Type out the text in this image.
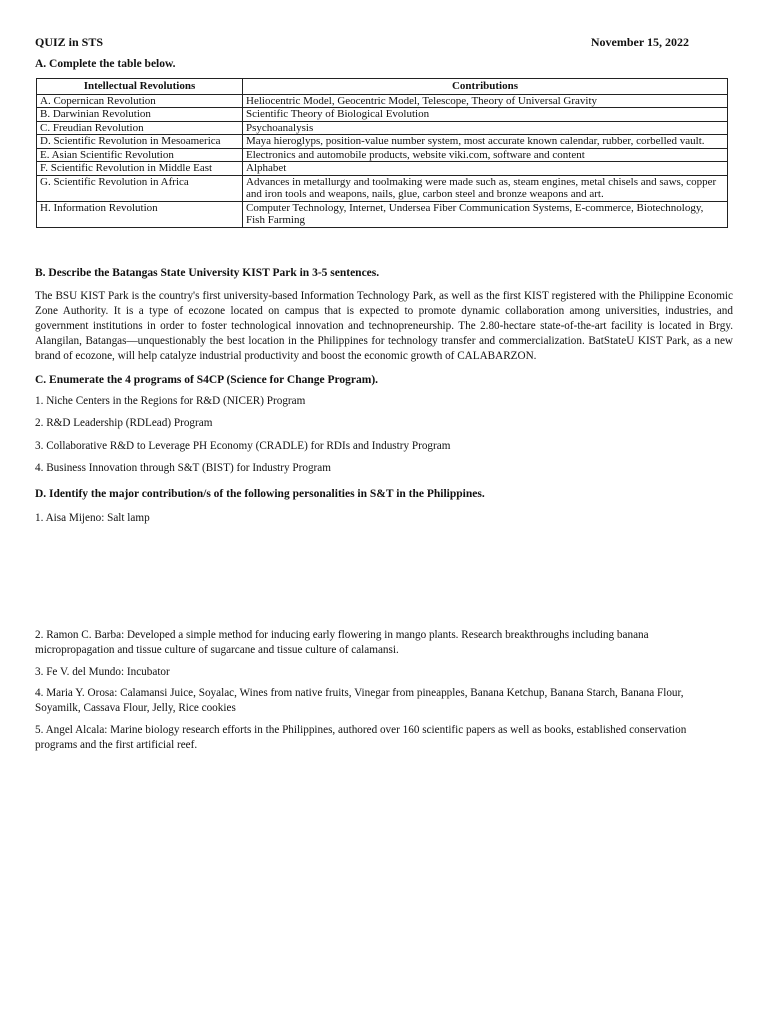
QUIZ in STS	November 15, 2022
A. Complete the table below.
Intellectual Revolutions	Contributions
A. Copernican Revolution	Heliocentric Model, Geocentric Model, Telescope, Theory of Universal Gravity
B. Darwinian Revolution	Scientific Theory of Biological Evolution
C. Freudian Revolution	Psychoanalysis
D. Scientific Revolution in Mesoamerica	Maya hieroglyps, position-value number system, most accurate known calendar, rubber, corbelled vault.
E. Asian Scientific Revolution	Electronics and automobile products, website viki.com, software and content
F. Scientific Revolution in Middle East	Alphabet
G. Scientific Revolution in Africa	Advances in metallurgy and toolmaking were made such as, steam engines, metal chisels and saws, copper and iron tools and weapons, nails, glue, carbon steel and bronze weapons and art.
H. Information Revolution	Computer Technology, Internet, Undersea Fiber Communication Systems, E-commerce, Biotechnology, Fish Farming
B. Describe the Batangas State University KIST Park in 3-5 sentences.
The BSU KIST Park is the country's first university-based Information Technology Park, as well as the first KIST registered with the Philippine Economic Zone Authority. It is a type of ecozone located on campus that is expected to promote dynamic collaboration among universities, industries, and government institutions in order to foster technological innovation and technopreneurship. The 2.80-hectare state-of-the-art facility is located in Brgy. Alangilan, Batangas—unquestionably the best location in the Philippines for technology transfer and commercialization. BatStateU KIST Park, as a new brand of ecozone, will help catalyze industrial productivity and boost the economic growth of CALABARZON.
C. Enumerate the 4 programs of S4CP (Science for Change Program).
1. Niche Centers in the Regions for R&D (NICER) Program
2. R&D Leadership (RDLead) Program
3. Collaborative R&D to Leverage PH Economy (CRADLE) for RDIs and Industry Program
4. Business Innovation through S&T (BIST) for Industry Program
D. Identify the major contribution/s of the following personalities in S&T in the Philippines.
1. Aisa Mijeno: Salt lamp
2. Ramon C. Barba: Developed a simple method for inducing early flowering in mango plants. Research breakthroughs including banana micropropagation and tissue culture of sugarcane and tissue culture of calamansi.
3. Fe V. del Mundo: Incubator
4. Maria Y. Orosa: Calamansi Juice, Soyalac, Wines from native fruits, Vinegar from pineapples, Banana Ketchup, Banana Starch, Banana Flour, Soyamilk, Cassava Flour, Jelly, Rice cookies
5. Angel Alcala: Marine biology research efforts in the Philippines, authored over 160 scientific papers as well as books, established conservation programs and the first artificial reef.
